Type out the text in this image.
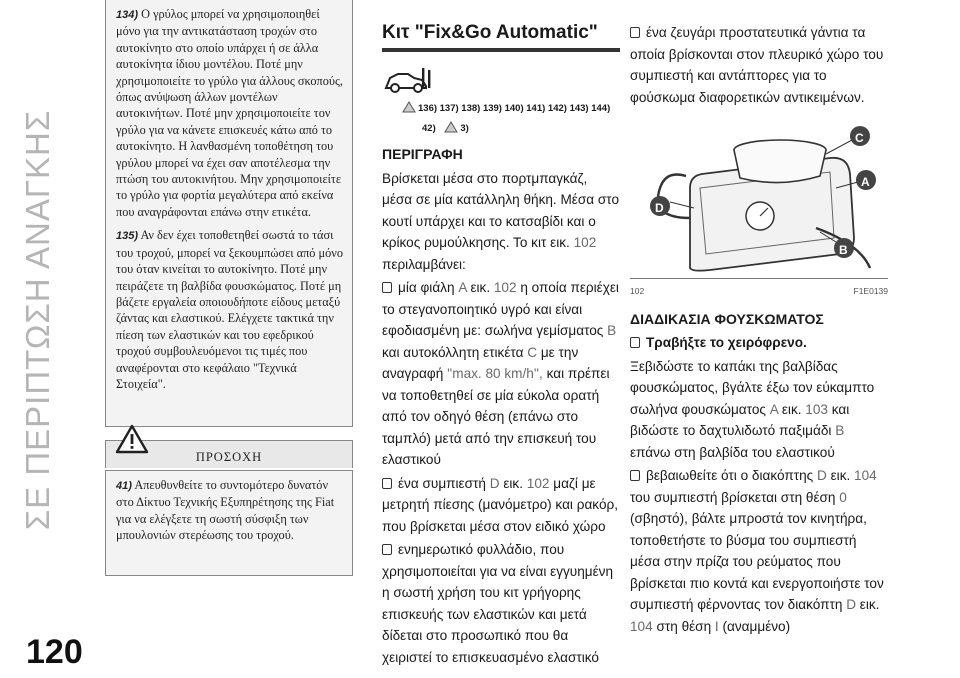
ΣΕ ΠΕΡΙΠΤΩΣΗ ΑΝΑΓΚΗΣ
120

134) Ο γρύλος μπορεί να χρησιμοποιηθεί μόνο για την αντικατάσταση τροχών στο αυτοκίνητο στο οποίο υπάρχει ή σε άλλα αυτοκίνητα ίδιου μοντέλου. Ποτέ μην χρησιμοποιείτε το γρύλο για άλλους σκοπούς, όπως ανύψωση άλλων μοντέλων αυτοκινήτων. Ποτέ μην χρησιμοποιείτε τον γρύλο για να κάνετε επισκευές κάτω από το αυτοκίνητο. Η λανθασμένη τοποθέτηση του γρύλου μπορεί να έχει σαν αποτέλεσμα την πτώση του αυτοκινήτου. Μην χρησιμοποιείτε το γρύλο για φορτία μεγαλύτερα από εκείνα που αναγράφονται επάνω στην ετικέτα.

135) Αν δεν έχει τοποθετηθεί σωστά το τάσι του τροχού, μπορεί να ξεκουμπώσει από μόνο του όταν κινείται το αυτοκίνητο. Ποτέ μην πειράζετε τη βαλβίδα φουσκώματος. Ποτέ μη βάζετε εργαλεία οποιουδήποτε είδους μεταξύ ζάντας και ελαστικού. Ελέγχετε τακτικά την πίεση των ελαστικών και του εφεδρικού τροχού συμβουλευόμενοι τις τιμές που αναφέρονται στο κεφάλαιο "Τεχνικά Στοιχεία".

ΠΡΟΣΟΧΗ

41) Απευθυνθείτε το συντομότερο δυνατόν στο Δίκτυο Τεχνικής Εξυπηρέτησης της Fiat για να ελέγξετε τη σωστή σύσφιξη των μπουλονιών στερέωσης του τροχού.

Κιτ "Fix&Go Automatic"
136) 137) 138) 139) 140) 141) 142) 143) 144)
42)	3)
ΠΕΡΙΓΡΑΦΗ

Βρίσκεται μέσα στο πορτμπαγκάζ, μέσα σε μία κατάλληλη θήκη. Μέσα στο κουτί υπάρχει και το κατσαβίδι και ο κρίκος ρυμούλκησης. Το κιτ εικ. 102 περιλαμβάνει:

μία φιάλη A εικ. 102 η οποία περιέχει το στεγανοποιητικό υγρό και είναι εφοδιασμένη με: σωλήνα γεμίσματος B και αυτοκόλλητη ετικέτα C με την αναγραφή ''max. 80 km/h'', και πρέπει να τοποθετηθεί σε μία εύκολα ορατή από τον οδηγό θέση (επάνω στο ταμπλό) μετά από την επισκευή του ελαστικού

ένα συμπιεστή D εικ. 102 μαζί με μετρητή πίεσης (μανόμετρο) και ρακόρ, που βρίσκεται μέσα στον ειδικό χώρο

ενημερωτικό φυλλάδιο, που χρησιμοποιείται για να είναι εγγυημένη η σωστή χρήση του κιτ γρήγορης επισκευής των ελαστικών και μετά δίδεται στο προσωπικό που θα χειριστεί το επισκευασμένο ελαστικό

ένα ζευγάρι προστατευτικά γάντια τα οποία βρίσκονται στον πλευρικό χώρο του συμπιεστή και αντάπτορες για το φούσκωμα διαφορετικών αντικειμένων.

C
A
B
D
102	F1E0139
ΔΙΑΔΙΚΑΣΙΑ ΦΟΥΣΚΩΜΑΤΟΣ

Τραβήξτε το χειρόφρενο.

Ξεβιδώστε το καπάκι της βαλβίδας φουσκώματος, βγάλτε έξω τον εύκαμπτο σωλήνα φουσκώματος A εικ. 103 και βιδώστε το δαχτυλιδωτό παξιμάδι B επάνω στη βαλβίδα του ελαστικού

βεβαιωθείτε ότι ο διακόπτης D εικ. 104 του συμπιεστή βρίσκεται στη θέση 0 (σβηστό), βάλτε μπροστά τον κινητήρα, τοποθετήστε το βύσμα του συμπιεστή μέσα στην πρίζα του ρεύματος που βρίσκεται πιο κοντά και ενεργοποιήστε τον συμπιεστή φέρνοντας τον διακόπτη D εικ. 104 στη θέση I (αναμμένο)
